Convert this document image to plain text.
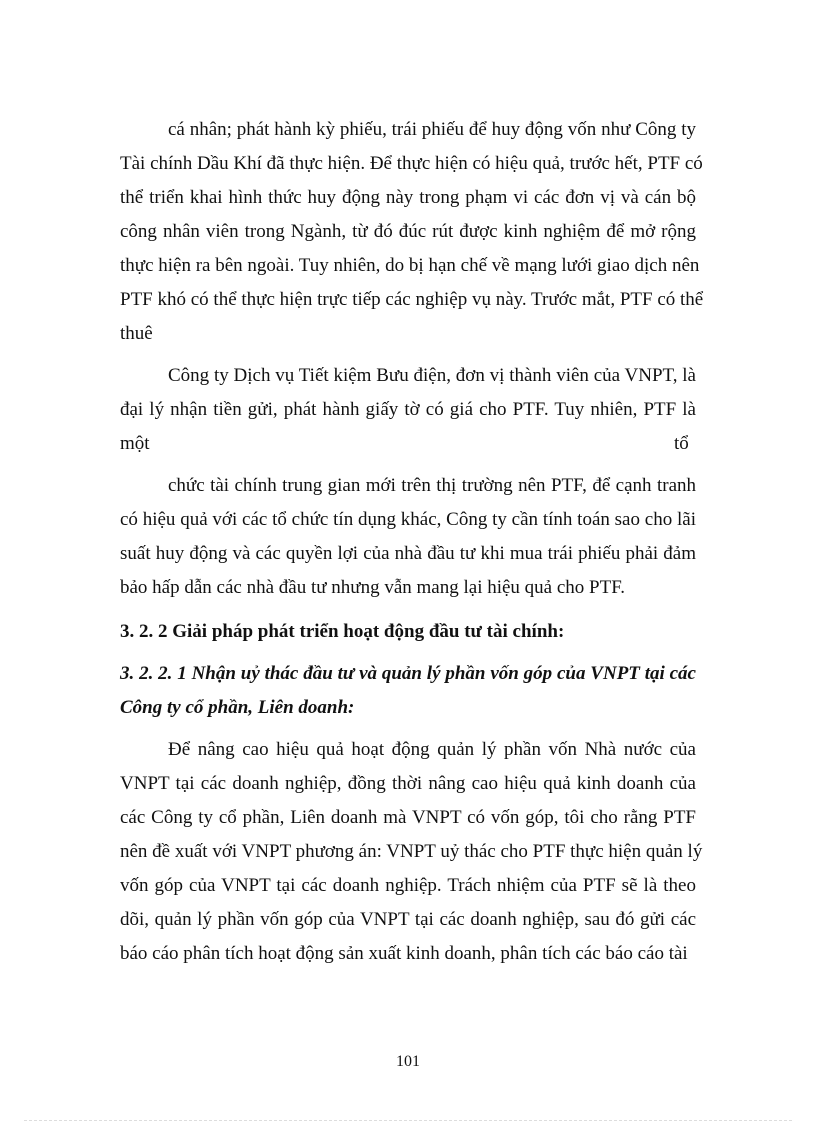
cá nhân; phát hành kỳ phiếu, trái phiếu để huy động vốn như Công ty
Tài chính Dầu Khí đã thực hiện. Để thực hiện có hiệu quả, trước hết, PTF có
thể triển khai hình thức huy động này trong phạm vi các đơn vị và cán bộ
công nhân viên trong Ngành, từ đó đúc rút được kinh nghiệm để mở rộng
thực hiện ra bên ngoài. Tuy nhiên, do bị hạn chế về mạng lưới giao dịch nên
PTF khó có thể thực hiện trực tiếp các nghiệp vụ này. Trước mắt, PTF có thể
thuê
Công ty Dịch vụ Tiết kiệm Bưu điện, đơn vị thành viên của VNPT, là
đại lý nhận tiền gửi, phát hành giấy tờ có giá cho PTF. Tuy nhiên, PTF là
một	tổ
chức tài chính trung gian mới trên thị trường nên PTF, để cạnh tranh
có hiệu quả với các tổ chức tín dụng khác, Công ty cần tính toán sao cho lãi
suất huy động và các quyền lợi của nhà đầu tư khi mua trái phiếu phải đảm
bảo hấp dẫn các nhà đầu tư nhưng vẫn mang lại hiệu quả cho PTF.
3. 2. 2 Giải pháp phát triển hoạt động đầu tư tài chính:
3. 2. 2. 1 Nhận uỷ thác đầu tư và quản lý phần vốn góp của VNPT tại các
Công ty cổ phần, Liên doanh:
Để nâng cao hiệu quả hoạt động quản lý phần vốn Nhà nước của
VNPT tại các doanh nghiệp, đồng thời nâng cao hiệu quả kinh doanh của
các Công ty cổ phần, Liên doanh mà VNPT có vốn góp, tôi cho rằng PTF
nên đề xuất với VNPT phương án: VNPT uỷ thác cho PTF thực hiện quản lý
vốn góp của VNPT tại các doanh nghiệp. Trách nhiệm của PTF sẽ là theo
dõi, quản lý phần vốn góp của VNPT tại các doanh nghiệp, sau đó gửi các
báo cáo phân tích hoạt động sản xuất kinh doanh, phân tích các báo cáo tài
101
